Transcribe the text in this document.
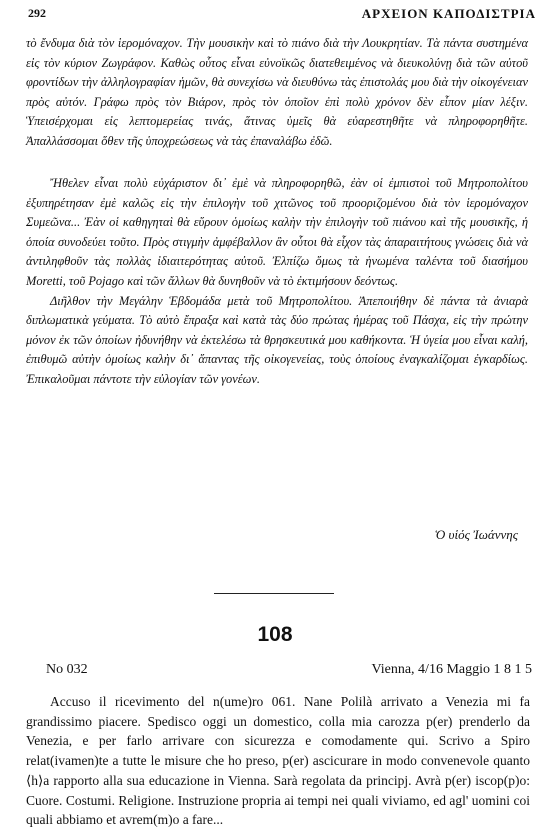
292	ΑΡΧΕΙΟΝ ΚΑΠΟΔΙΣΤΡΙΑ

τὸ ἔνδυμα διὰ τὸν ἱερομόναχον. Τὴν μουσικὴν καὶ τὸ πιάνο διὰ τὴν Λουκρητίαν. Τὰ πάντα συστημένα εἰς τὸν κύριον Ζωγράφον. Καθὼς οὗτος εἶναι εὐνοϊκῶς διατεθειμένος νὰ διευκολύνῃ διὰ τῶν αὐτοῦ φροντίδων τὴν ἀλληλογραφίαν ἡμῶν, θὰ συνεχίσω νὰ διευθύνω τὰς ἐπιστολάς μου διὰ τὴν οἰκογένειαν πρὸς αὐτόν. Γράφω πρὸς τὸν Βιάρον, πρὸς τὸν ὁποῖον ἐπὶ πολὺ χρόνον δὲν εἶπον μίαν λέξιν. Ὑπεισέρχομαι εἰς λεπτομερείας τινάς, ἅτινας ὑμεῖς θὰ εὐαρεστηθῆτε νὰ πληροφορηθῆτε. Ἀπαλλάσσομαι ὅθεν τῆς ὑποχρεώσεως νὰ τὰς ἐπαναλάβω ἐδῶ.

Ἤθελεν εἶναι πολὺ εὐχάριστον δι᾽ ἐμὲ νὰ πληροφορηθῶ, ἐὰν οἱ ἐμπιστοὶ τοῦ Μητροπολίτου ἐξυπηρέτησαν ἐμὲ καλῶς εἰς τὴν ἐπιλογὴν τοῦ χιτῶνος τοῦ προοριζομένου διὰ τὸν ἱερομόναχον Συμεῶνα... Ἐὰν οἱ καθηγηταὶ θὰ εὕρουν ὁμοίως καλὴν τὴν ἐπιλογὴν τοῦ πιάνου καὶ τῆς μουσικῆς, ἡ ὁποία συνοδεύει τοῦτο. Πρὸς στιγμὴν ἀμφέβαλλον ἂν οὗτοι θὰ εἶχον τὰς ἀπαραιτήτους γνώσεις διὰ νὰ ἀντιληφθοῦν τὰς πολλὰς ἰδιαιτερότητας αὐτοῦ. Ἐλπίζω ὅμως τὰ ἡνωμένα ταλέντα τοῦ διασήμου Moretti, τοῦ Pojago καὶ τῶν ἄλλων θὰ δυνηθοῦν νὰ τὸ ἐκτιμήσουν δεόντως.

Διῆλθον τὴν Μεγάλην Ἑβδομάδα μετὰ τοῦ Μητροπολίτου. Ἀπεποιήθην δὲ πάντα τὰ ἀνιαρὰ διπλωματικὰ γεύματα. Τὸ αὐτὸ ἔπραξα καὶ κατὰ τὰς δύο πρώτας ἡμέρας τοῦ Πάσχα, εἰς τὴν πρώτην μόνον ἐκ τῶν ὁποίων ἠδυνήθην νὰ ἐκτελέσω τὰ θρησκευτικά μου καθήκοντα. Ἡ ὑγεία μου εἶναι καλή, ἐπιθυμῶ αὐτὴν ὁμοίως καλὴν δι᾽ ἅπαντας τῆς οἰκογενείας, τοὺς ὁποίους ἐναγκαλίζομαι ἐγκαρδίως. Ἐπικαλοῦμαι πάντοτε τὴν εὐλογίαν τῶν γονέων.

Ὁ υἱός Ἰωάννης
108
No 032	Vienna, 4/16 Maggio 1 8 1 5

Accuso il ricevimento del n(ume)ro 061. Nane Polilà arrivato a Venezia mi fa grandissimo piacere. Spedisco oggi un domestico, colla mia carozza p(er) prenderlo da Venezia, e per farlo arrivare con sicurezza e comodamente qui. Scrivo a Spiro relat(ivamen)te a tutte le misure che ho preso, p(er) ascicurare in modo convenevole quanto ⟨h⟩a rapporto alla sua educazione in Vienna. Sarà regolata da principj. Avrà p(er) iscop(p)o: Cuore. Costumi. Religione. Instruzione propria ai tempi nei quali viviamo, ed agl' uomini coi quali abbiamo et avrem(m)o a fare...
